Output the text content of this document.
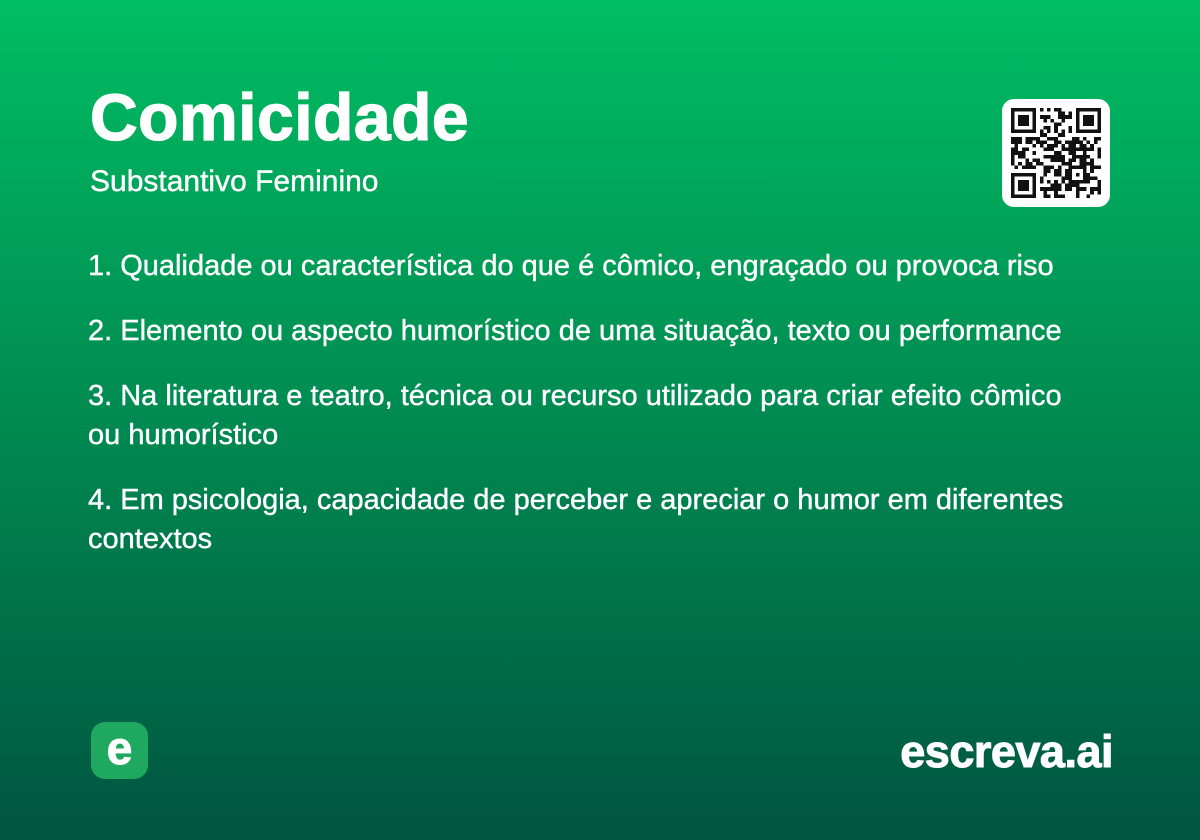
Comicidade

Substantivo Feminino

1. Qualidade ou característica do que é cômico, engraçado ou provoca riso

2. Elemento ou aspecto humorístico de uma situação, texto ou performance

3. Na literatura e teatro, técnica ou recurso utilizado para criar efeito cômico ou humorístico

4. Em psicologia, capacidade de perceber e apreciar o humor em diferentes contextos

e	escreva.ai
